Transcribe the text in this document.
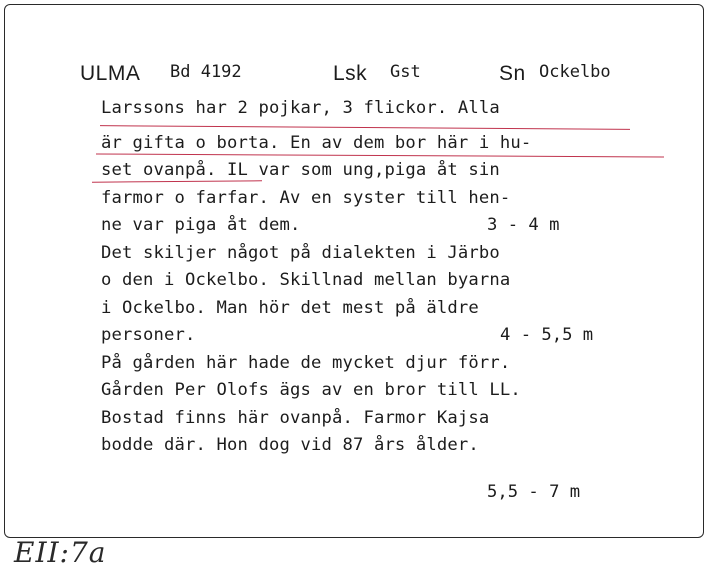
ULMA Bd 4192	Lsk Gst	Sn Ockelbo
Larssons har 2 pojkar, 3 flickor. Alla
är gifta o borta. En av dem bor här i hu-
set ovanpå. IL var som ung,piga åt sin
farmor o farfar. Av en syster till hen-
ne var piga åt dem.
Det skiljer något på dialekten i Järbo
o den i Ockelbo. Skillnad mellan byarna
i Ockelbo. Man hör det mest på äldre
personer.
På gården här hade de mycket djur förr.
Gården Per Olofs ägs av en bror till LL.
Bostad finns här ovanpå. Farmor Kajsa
bodde där. Hon dog vid 87 års ålder.
3 - 4 m
4 - 5,5 m
5,5 - 7 m
EII:7a
